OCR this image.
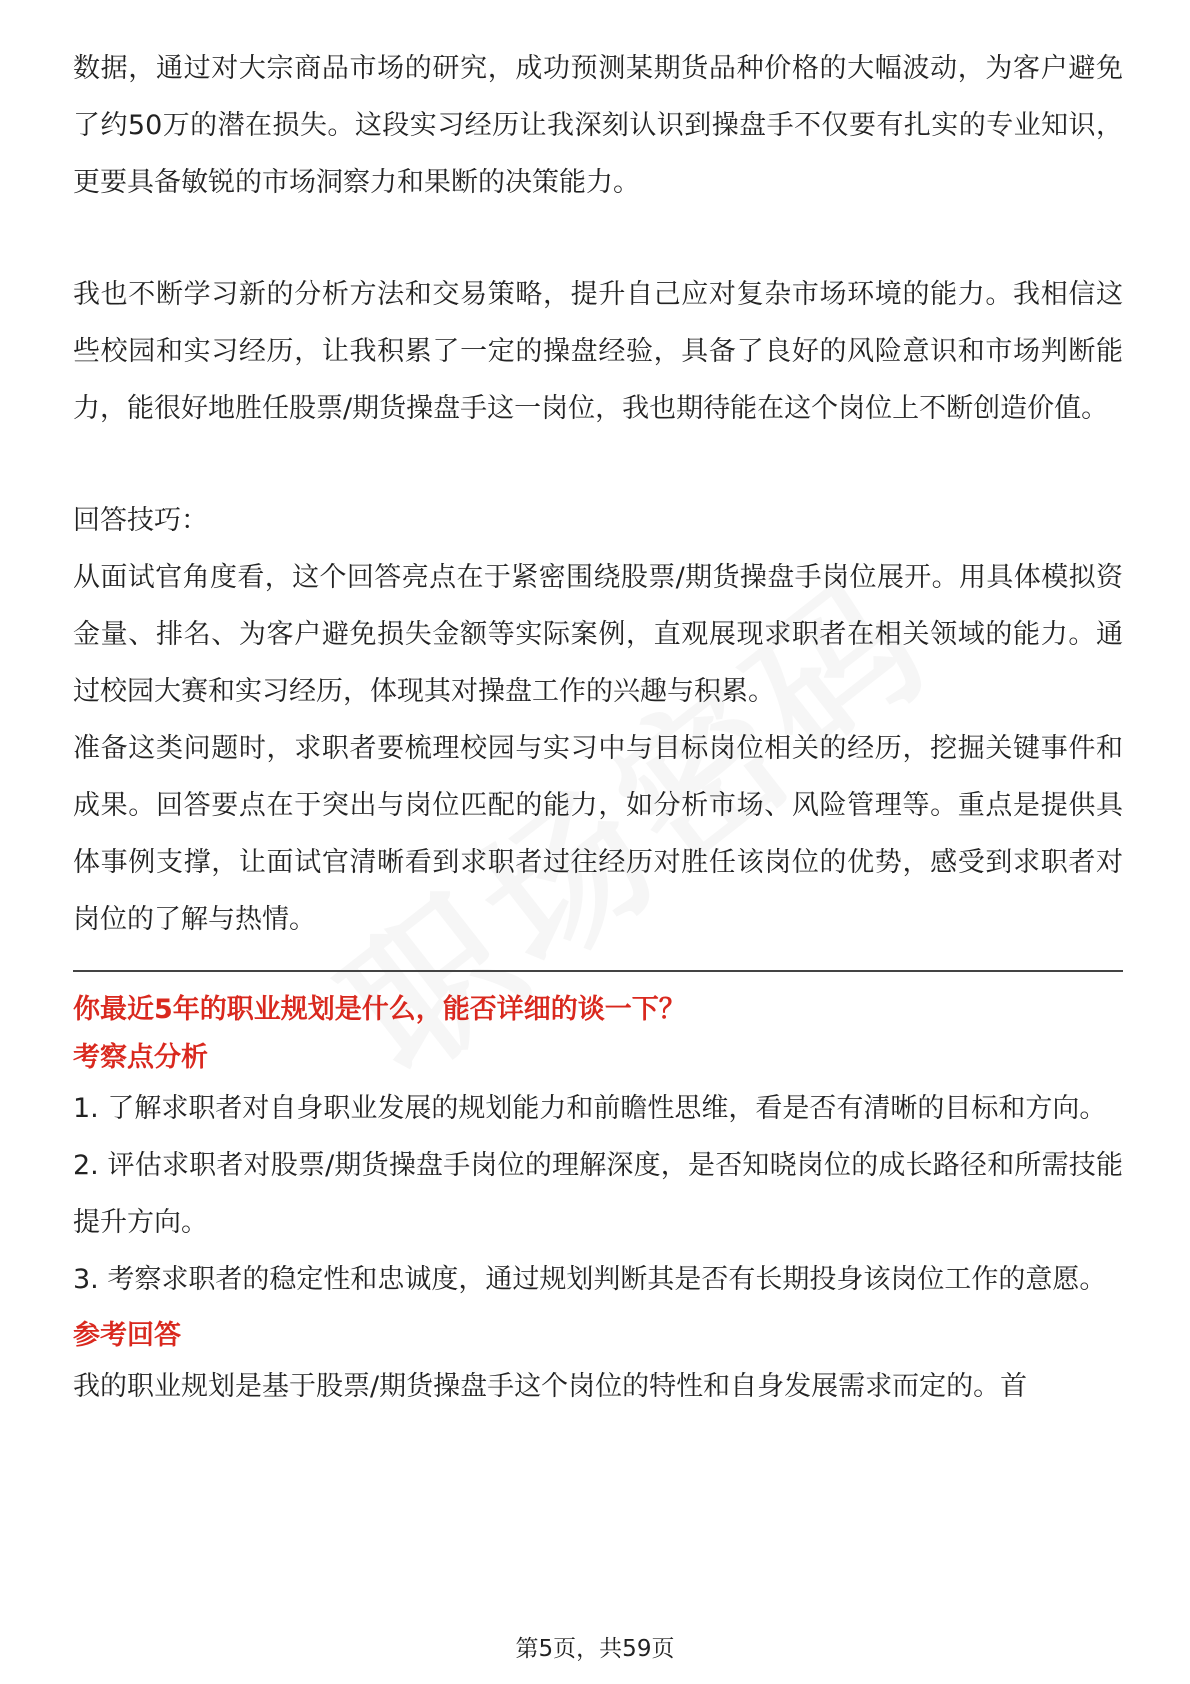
数据，通过对大宗商品市场的研究，成功预测某期货品种价格的大幅波动，为客户避免了约50万的潜在损失。这段实习经历让我深刻认识到操盘手不仅要有扎实的专业知识，更要具备敏锐的市场洞察力和果断的决策能力。

我也不断学习新的分析方法和交易策略，提升自己应对复杂市场环境的能力。我相信这些校园和实习经历，让我积累了一定的操盘经验，具备了良好的风险意识和市场判断能力，能很好地胜任股票/期货操盘手这一岗位，我也期待能在这个岗位上不断创造价值。

回答技巧：

从面试官角度看，这个回答亮点在于紧密围绕股票/期货操盘手岗位展开。用具体模拟资金量、排名、为客户避免损失金额等实际案例，直观展现求职者在相关领域的能力。通过校园大赛和实习经历，体现其对操盘工作的兴趣与积累。

准备这类问题时，求职者要梳理校园与实习中与目标岗位相关的经历，挖掘关键事件和成果。回答要点在于突出与岗位匹配的能力，如分析市场、风险管理等。重点是提供具体事例支撑，让面试官清晰看到求职者过往经历对胜任该岗位的优势，感受到求职者对岗位的了解与热情。

你最近5年的职业规划是什么，能否详细的谈一下？

考察点分析

1. 了解求职者对自身职业发展的规划能力和前瞻性思维，看是否有清晰的目标和方向。

2. 评估求职者对股票/期货操盘手岗位的理解深度，是否知晓岗位的成长路径和所需技能提升方向。

3. 考察求职者的稳定性和忠诚度，通过规划判断其是否有长期投身该岗位工作的意愿。

参考回答

我的职业规划是基于股票/期货操盘手这个岗位的特性和自身发展需求而定的。首

第5页，共59页
